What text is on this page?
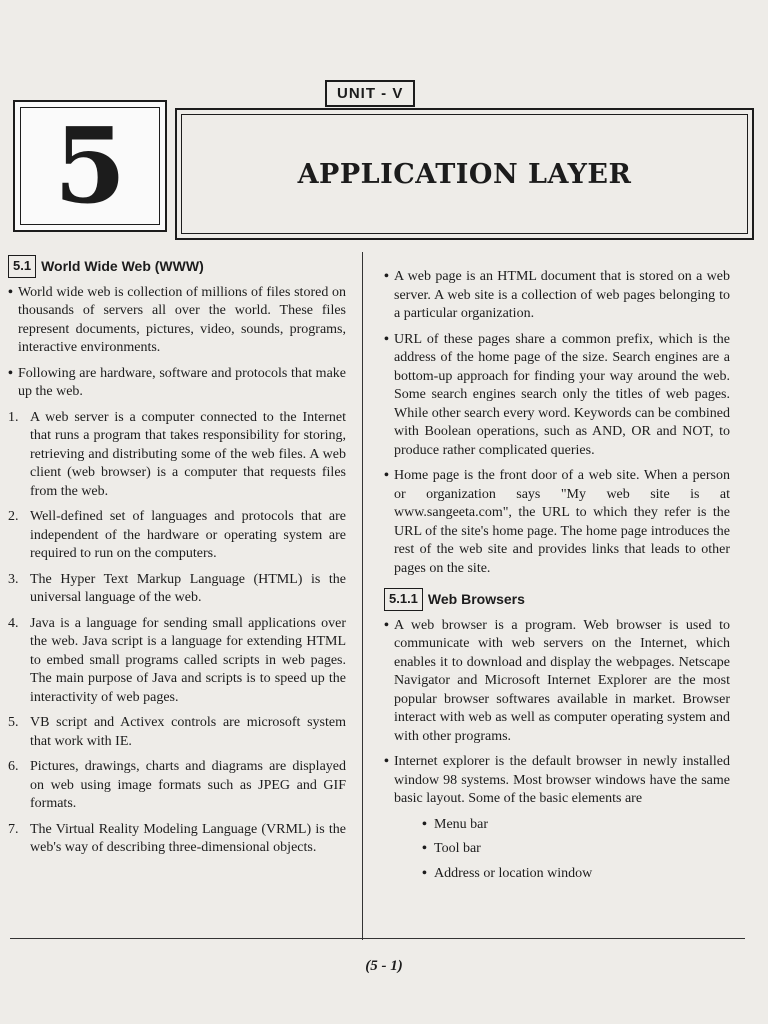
UNIT - V
5	APPLICATION LAYER
5.1 World Wide Web (WWW)
• World wide web is collection of millions of files stored on thousands of servers all over the world. These files represent documents, pictures, video, sounds, programs, interactive environments.
• Following are hardware, software and protocols that make up the web.
1. A web server is a computer connected to the Internet that runs a program that takes responsibility for storing, retrieving and distributing some of the web files. A web client (web browser) is a computer that requests files from the web.
2. Well-defined set of languages and protocols that are independent of the hardware or operating system are required to run on the computers.
3. The Hyper Text Markup Language (HTML) is the universal language of the web.
4. Java is a language for sending small applications over the web. Java script is a language for extending HTML to embed small programs called scripts in web pages. The main purpose of Java and scripts is to speed up the interactivity of web pages.
5. VB script and Activex controls are microsoft system that work with IE.
6. Pictures, drawings, charts and diagrams are displayed on web using image formats such as JPEG and GIF formats.
7. The Virtual Reality Modeling Language (VRML) is the web's way of describing three-dimensional objects.
• A web page is an HTML document that is stored on a web server. A web site is a collection of web pages belonging to a particular organization.
• URL of these pages share a common prefix, which is the address of the home page of the size. Search engines are a bottom-up approach for finding your way around the web. Some search engines search only the titles of web pages. While other search every word. Keywords can be combined with Boolean operations, such as AND, OR and NOT, to produce rather complicated queries.
• Home page is the front door of a web site. When a person or organization says "My web site is at www.sangeeta.com", the URL to which they refer is the URL of the site's home page. The home page introduces the rest of the web site and provides links that leads to other pages on the site.
5.1.1 Web Browsers
• A web browser is a program. Web browser is used to communicate with web servers on the Internet, which enables it to download and display the webpages. Netscape Navigator and Microsoft Internet Explorer are the most popular browser softwares available in market. Browser interact with web as well as computer operating system and with other programs.
• Internet explorer is the default browser in newly installed window 98 systems. Most browser windows have the same basic layout. Some of the basic elements are
• Menu bar
• Tool bar
• Address or location window
(5 - 1)
